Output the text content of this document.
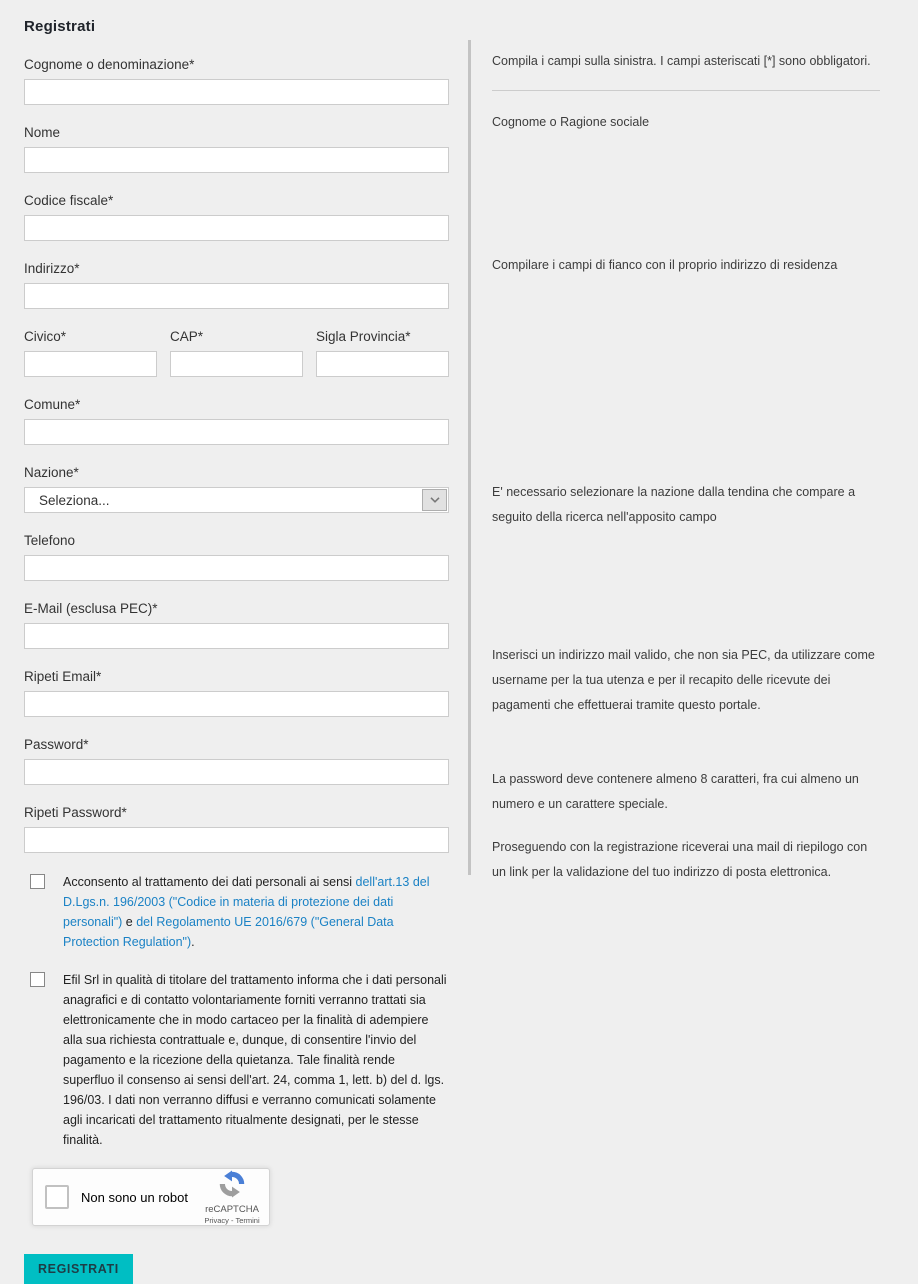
Registrati
Cognome o denominazione*
Nome
Codice fiscale*
Indirizzo*
Civico*	CAP*	Sigla Provincia*
Comune*
Nazione*
Seleziona...
Telefono
E-Mail (esclusa PEC)*
Ripeti Email*
Password*
Ripeti Password*
Acconsento al trattamento dei dati personali ai sensi dell'art.13 del D.Lgs.n. 196/2003 ("Codice in materia di protezione dei dati personali") e del Regolamento UE 2016/679 ("General Data Protection Regulation").
Efil Srl in qualità di titolare del trattamento informa che i dati personali anagrafici e di contatto volontariamente forniti verranno trattati sia elettronicamente che in modo cartaceo per la finalità di adempiere alla sua richiesta contrattuale e, dunque, di consentire l'invio del pagamento e la ricezione della quietanza. Tale finalità rende superfluo il consenso ai sensi dell'art. 24, comma 1, lett. b) del d. lgs. 196/03. I dati non verranno diffusi e verranno comunicati solamente agli incaricati del trattamento ritualmente designati, per le stesse finalità.
Non sono un robot
reCAPTCHA
Privacy - Termini
REGISTRATI
Compila i campi sulla sinistra. I campi asteriscati [*] sono obbligatori.
Cognome o Ragione sociale
Compilare i campi di fianco con il proprio indirizzo di residenza
E' necessario selezionare la nazione dalla tendina che compare a seguito della ricerca nell'apposito campo
Inserisci un indirizzo mail valido, che non sia PEC, da utilizzare come username per la tua utenza e per il recapito delle ricevute dei pagamenti che effettuerai tramite questo portale.
La password deve contenere almeno 8 caratteri, fra cui almeno un numero e un carattere speciale.
Proseguendo con la registrazione riceverai una mail di riepilogo con un link per la validazione del tuo indirizzo di posta elettronica.
